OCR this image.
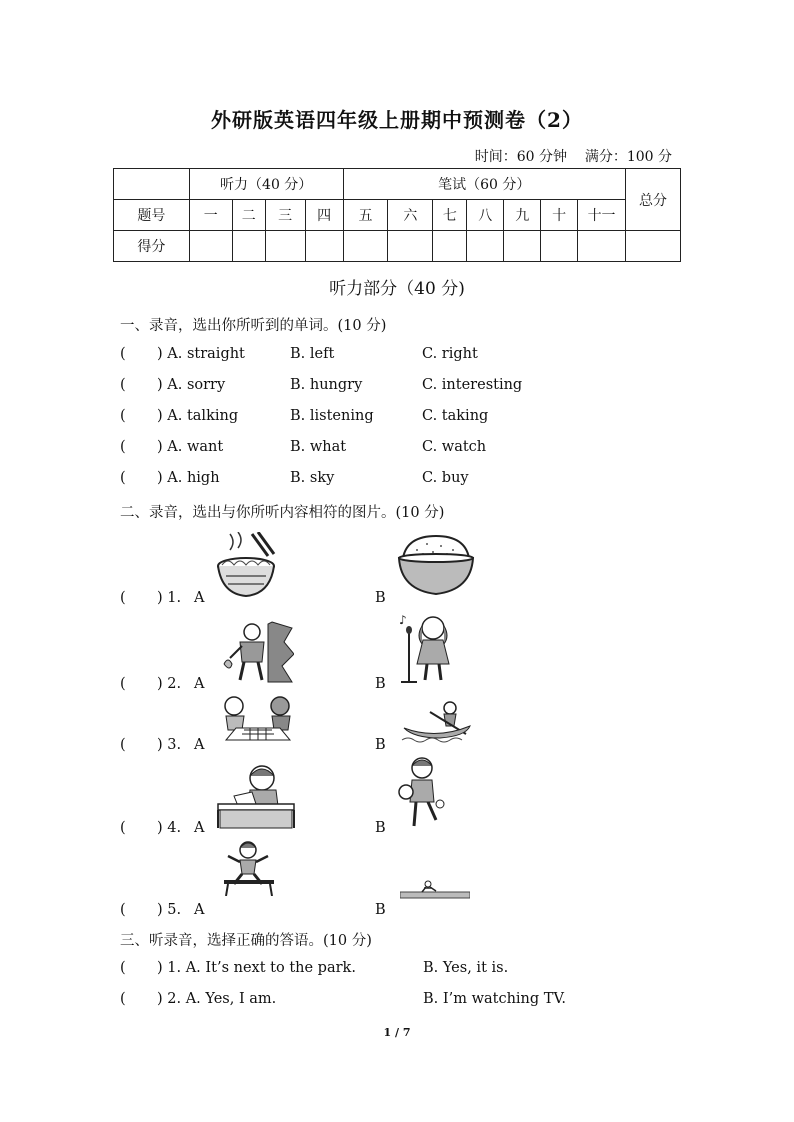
外研版英语四年级上册期中预测卷（2）
时间：60 分钟 满分：100 分
	听力（40 分）				笔试（60 分）							总分
题号	一	二	三	四	五	六	七	八	九	十	十一	
得分												
听力部分（40 分)
一、录音，选出你所听到的单词。(10 分)
( ) A. straight	B. left	C. right
( ) A. sorry	B. hungry	C. interesting
( ) A. talking	B. listening	C. taking
( ) A. want	B. what	C. watch
( ) A. high	B. sky	C. buy
二、录音，选出与你所听内容相符的图片。(10 分)
♪
( ) 1. A	B
( ) 2. A	B
( ) 3. A	B
( ) 4. A	B
( ) 5. A	B
三、听录音，选择正确的答语。(10 分)
( ) 1. A. It’s next to the park.	B. Yes, it is.
( ) 2. A. Yes, I am.	B. I’m watching TV.
1 / 7
